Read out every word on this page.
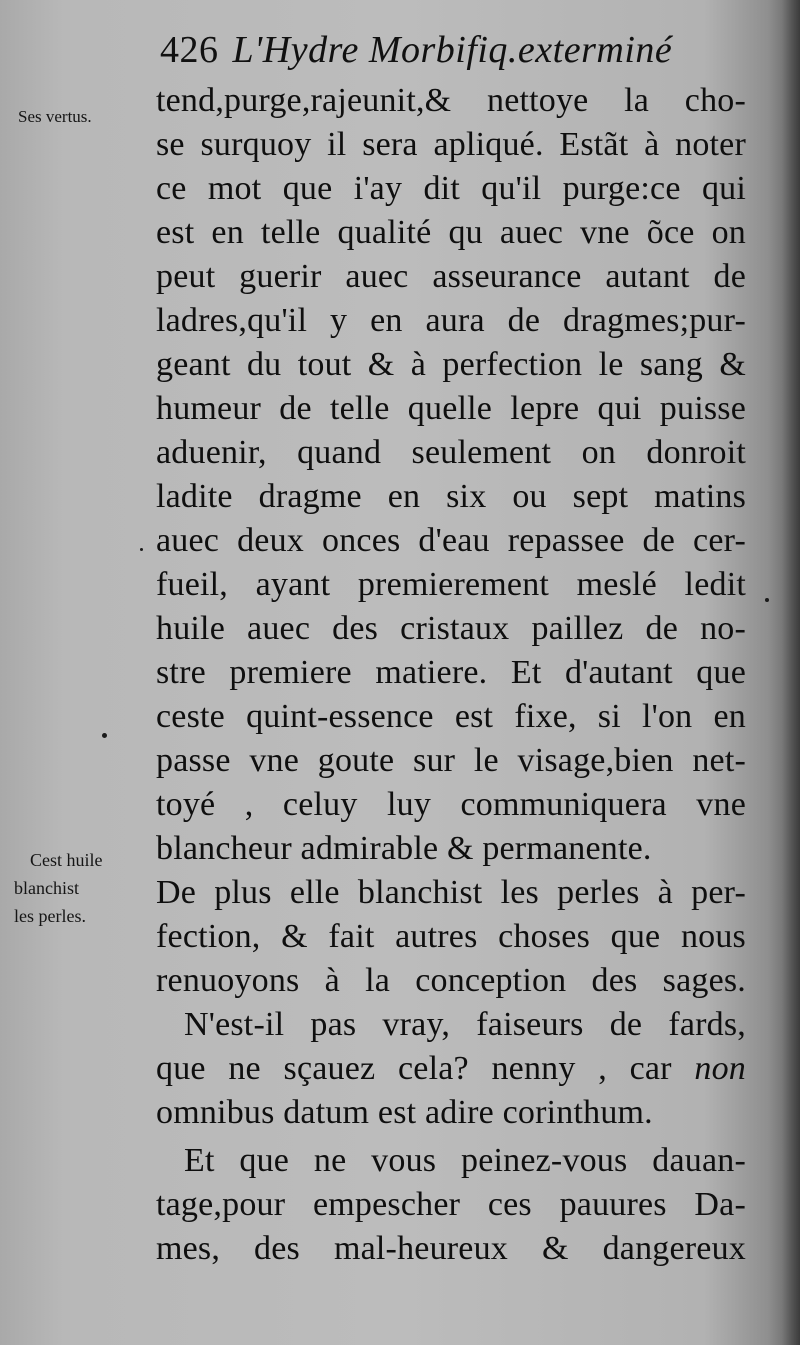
426 L'Hydre Morbifiq.exterminé
Ses vertus.
Cest huile
blanchist
les perles.
tend,purge,rajeunit,& nettoye la cho-
se surquoy il sera apliqué. Estãt à noter
ce mot que i'ay dit qu'il purge:ce qui
est en telle qualité qu auec vne õce on
peut guerir auec asseurance autant de
ladres,qu'il y en aura de dragmes;pur-
geant du tout & à perfection le sang &
humeur de telle quelle lepre qui puisse
aduenir, quand seulement on donroit
ladite dragme en six ou sept matins
auec deux onces d'eau repassee de cer-
fueil, ayant premierement meslé ledit
huile auec des cristaux paillez de no-
stre premiere matiere. Et d'autant que
ceste quint-essence est fixe, si l'on en
passe vne goute sur le visage,bien net-
toyé , celuy luy communiquera vne
blancheur admirable & permanente.
De plus elle blanchist les perles à per-
fection, & fait autres choses que nous
renuoyons à la conception des sages.
N'est-il pas vray, faiseurs de fards,
que ne sçauez cela? nenny , car non
omnibus datum est adire corinthum.
Et que ne vous peinez-vous dauan-
tage,pour empescher ces pauures Da-
mes, des mal-heureux & dangereux
